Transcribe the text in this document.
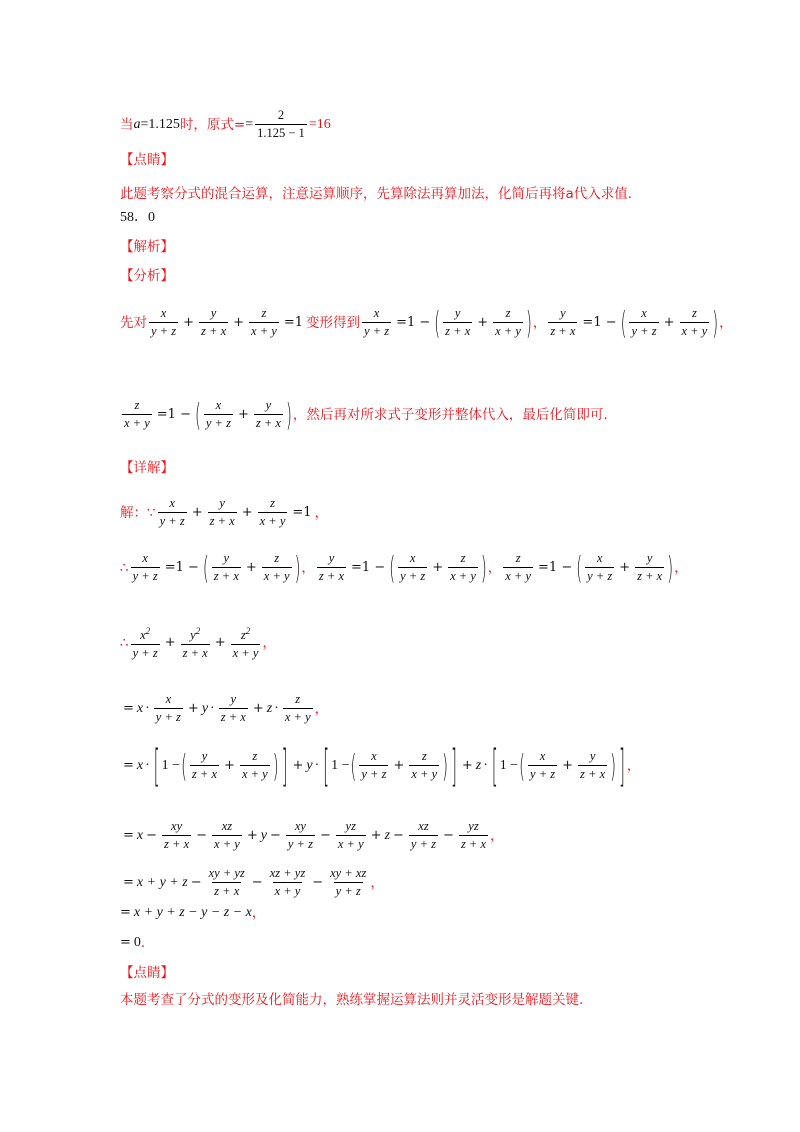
当 a =1.125 时，原式= = $\frac{2}{1.125 - 1} =16$
【点睛】
此题考察分式的混合运算，注意运算顺序，先算除法再算加法，化简后再将a代入求值.
58．0
【解析】
【分析】
先对 $\frac{x}{y + z} + \frac{y}{z + x} + \frac{z}{x + y} =1$ 变形得到 $\frac{x}{y + z} =1$ − ( $\frac{y}{z + x} + \frac{z}{x + y}$ ) ， $\frac{y}{z + x} =1$ − ( $\frac{x}{y + z} + \frac{z}{x + y}$ ) ，
$\frac{z}{x + y} =1$ − ( $\frac{x}{y + z} + \frac{y}{z + x}$ ) ，然后再对所求式子变形并整体代入，最后化简即可.
【详解】
解：∵ $\frac{x}{y + z} + \frac{y}{z + x} + \frac{z}{x + y} =1$ ，
∴ $\frac{x}{y + z} =1$ − ( $\frac{y}{z + x} + \frac{z}{x + y}$ ) ， $\frac{y}{z + x} =1$ − ( $\frac{x}{y + z} + \frac{z}{x + y}$ ) ， $\frac{z}{x + y} =1$ − ( $\frac{x}{y + z} + \frac{y}{z + x}$ ) ，
∴ $\frac{x^2}{y + z} + \frac{y^2}{z + x} + \frac{z^2}{x + y}$ ，
= $x \cdot \frac{x}{y + z} + y \cdot \frac{y}{z + x} + z \cdot \frac{z}{x + y}$ ，
= x · [ 1 − ( $\frac{y}{z + x} + \frac{z}{x + y}$ ) ] + y · [ 1 − ( $\frac{x}{y + z} + \frac{z}{x + y}$ ) ] + z · [ 1 − ( $\frac{x}{y + z} + \frac{y}{z + x}$ ) ] ，
= $x - \frac{xy}{z + x} - \frac{xz}{x + y} + y - \frac{xy}{y + z} - \frac{yz}{x + y} + z - \frac{xz}{y + z} - \frac{yz}{z + x}$ ，
= $x + y + z - \frac{xy + yz}{z + x} - \frac{xz + yz}{x + y} - \frac{xy + xz}{y + z}$ ，
= x + y + z − y − z − x ，
= 0 .
【点睛】
本题考查了分式的变形及化简能力，熟练掌握运算法则并灵活变形是解题关键.
